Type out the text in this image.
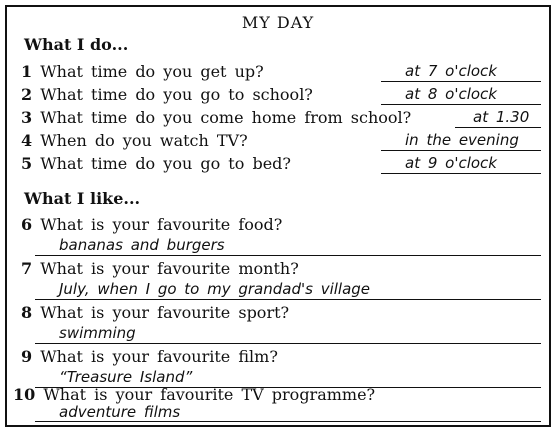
MY DAY
What I do...
1 What time do you get up?	at 7 o'clock
2 What time do you go to school?	at 8 o'clock
3 What time do you come home from school?	at 1.30
4 When do you watch TV?	in the evening
5 What time do you go to bed?	at 9 o'clock
What I like...
6 What is your favourite food?
bananas and burgers
7 What is your favourite month?
July, when I go to my grandad's village
8 What is your favourite sport?
swimming
9 What is your favourite film?
“Treasure Island”
10 What is your favourite TV programme?
adventure films
